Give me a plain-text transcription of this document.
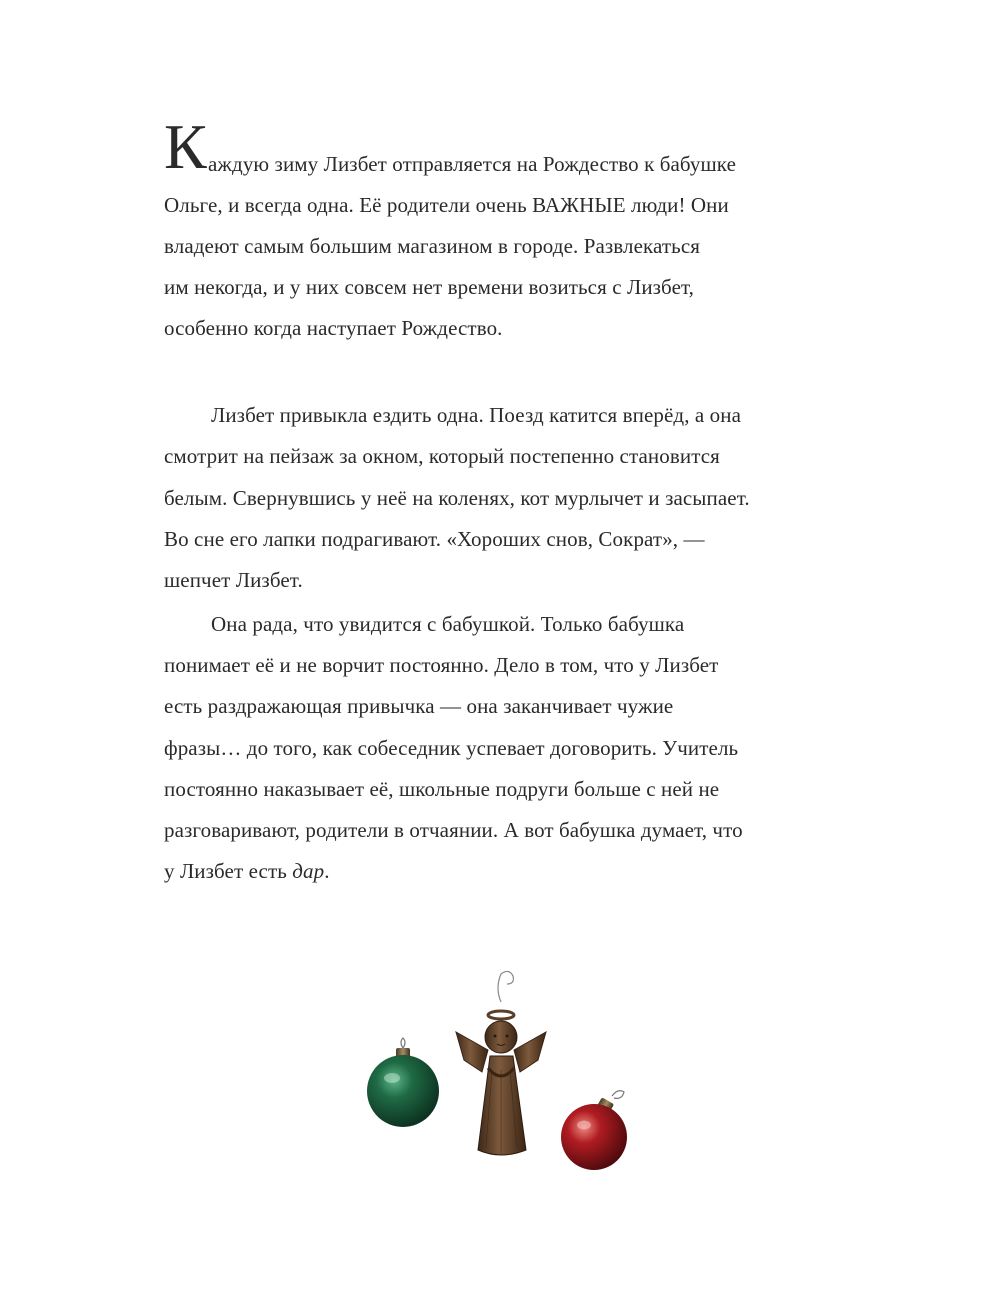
К аждую зиму Лизбет отправляется на Рождество к бабушке
Ольге, и всегда одна. Её родители очень ВАЖНЫЕ люди! Они
владеют самым большим магазином в городе. Развлекаться
им некогда, и у них совсем нет времени возиться с Лизбет,
особенно когда наступает Рождество.
Лизбет привыкла ездить одна. Поезд катится вперёд, а она
смотрит на пейзаж за окном, который постепенно становится
белым. Свернувшись у неё на коленях, кот мурлычет и засыпает.
Во сне его лапки подрагивают. «Хороших снов, Сократ», —
шепчет Лизбет.
Она рада, что увидится с бабушкой. Только бабушка
понимает её и не ворчит постоянно. Дело в том, что у Лизбет
есть раздражающая привычка — она заканчивает чужие
фразы… до того, как собеседник успевает договорить. Учитель
постоянно наказывает её, школьные подруги больше с ней не
разговаривают, родители в отчаянии. А вот бабушка думает, что
у Лизбет есть дар.
